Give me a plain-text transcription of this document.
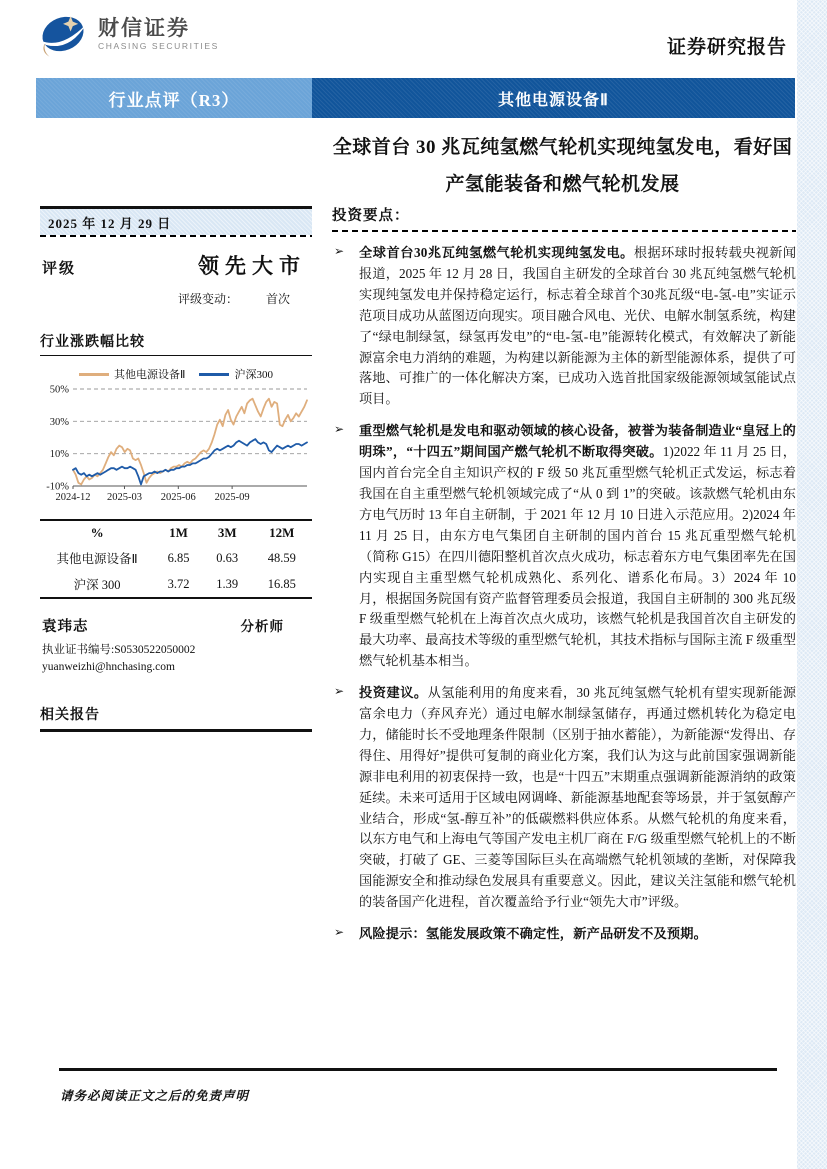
财信证券
CHASING SECURITIES	证券研究报告
行业点评（R3）	其他电源设备Ⅱ
全球首台 30 兆瓦纯氢燃气轮机实现纯氢发电，看好国产氢能装备和燃气轮机发展
2025 年 12 月 29 日
评级	领先大市
评级变动： 首次
行业涨跌幅比较
其他电源设备Ⅱ	沪深300
50%
30%
10%
-10%
2024-12 2025-03 2025-06 2025-09
%	1M	3M	12M
其他电源设备Ⅱ	6.85	0.63	48.59
沪深 300	3.72	1.39	16.85
袁玮志	分析师
执业证书编号:S0530522050002
yuanweizhi@hnchasing.com
相关报告
投资要点：
➢ 全球首台30兆瓦纯氢燃气轮机实现纯氢发电。根据环球时报转载央视新闻报道，2025 年 12 月 28 日，我国自主研发的全球首台 30 兆瓦纯氢燃气轮机实现纯氢发电并保持稳定运行，标志着全球首个30兆瓦级“电-氢-电”实证示范项目成功从蓝图迈向现实。项目融合风电、光伏、电解水制氢系统，构建了“绿电制绿氢，绿氢再发电”的“电-氢-电”能源转化模式，有效解决了新能源富余电力消纳的难题，为构建以新能源为主体的新型能源体系，提供了可落地、可推广的一体化解决方案，已成功入选首批国家级能源领域氢能试点项目。

➢ 重型燃气轮机是发电和驱动领域的核心设备，被誉为装备制造业“皇冠上的明珠”，“十四五”期间国产燃气轮机不断取得突破。1)2022 年 11 月 25 日，国内首台完全自主知识产权的 F 级 50 兆瓦重型燃气轮机正式发运，标志着我国在自主重型燃气轮机领域完成了“从 0 到 1”的突破。该款燃气轮机由东方电气历时 13 年自主研制，于 2021 年 12 月 10 日进入示范应用。2)2024 年 11 月 25 日，由东方电气集团自主研制的国内首台 15 兆瓦重型燃气轮机（简称 G15）在四川德阳整机首次点火成功，标志着东方电气集团率先在国内实现自主重型燃气轮机成熟化、系列化、谱系化布局。3）2024 年 10 月，根据国务院国有资产监督管理委员会报道，我国自主研制的 300 兆瓦级 F 级重型燃气轮机在上海首次点火成功，该燃气轮机是我国首次自主研发的最大功率、最高技术等级的重型燃气轮机，其技术指标与国际主流 F 级重型燃气轮机基本相当。

➢ 投资建议。从氢能利用的角度来看，30 兆瓦纯氢燃气轮机有望实现新能源富余电力（弃风弃光）通过电解水制绿氢储存，再通过燃机转化为稳定电力，储能时长不受地理条件限制（区别于抽水蓄能），为新能源“发得出、存得住、用得好”提供可复制的商业化方案，我们认为这与此前国家强调新能源非电利用的初衷保持一致，也是“十四五”末期重点强调新能源消纳的政策延续。未来可适用于区域电网调峰、新能源基地配套等场景，并于氢氨醇产业结合，形成“氢-醇互补”的低碳燃料供应体系。从燃气轮机的角度来看，以东方电气和上海电气等国产发电主机厂商在 F/G 级重型燃气轮机上的不断突破，打破了 GE、三菱等国际巨头在高端燃气轮机领域的垄断，对保障我国能源安全和推动绿色发展具有重要意义。因此，建议关注氢能和燃气轮机的装备国产化进程，首次覆盖给予行业“领先大市”评级。

➢ 风险提示：氢能发展政策不确定性，新产品研发不及预期。

请务必阅读正文之后的免责声明
